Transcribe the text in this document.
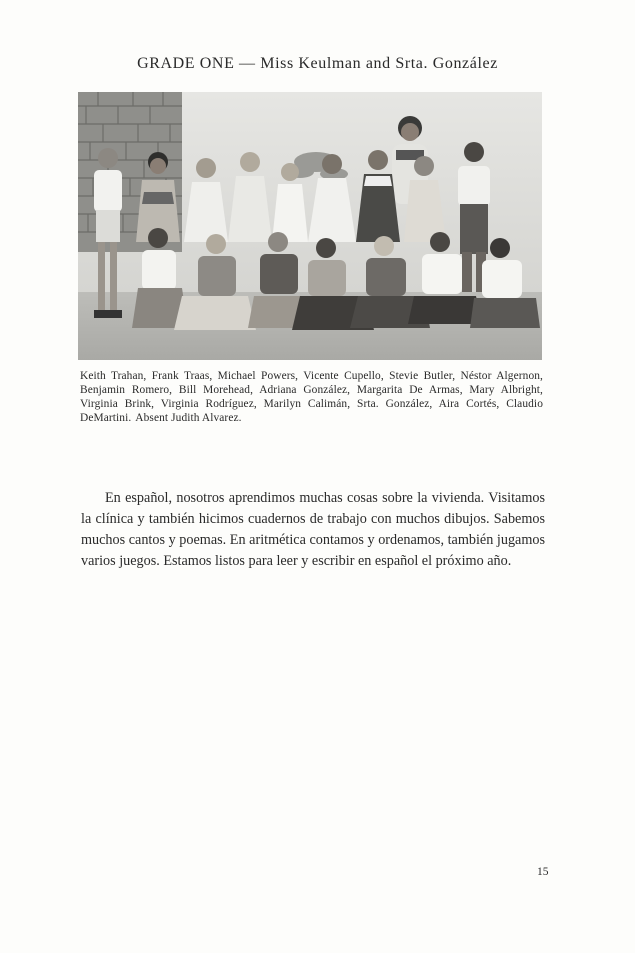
GRADE ONE — Miss Keulman and Srta. González
Keith Trahan, Frank Traas, Michael Powers, Vicente Cupello, Stevie Butler, Néstor Algernon, Benjamin Romero, Bill Morehead, Adriana González, Margarita De Armas, Mary Albright, Virginia Brink, Virginia Rodríguez, Marilyn Calimán, Srta. González, Aira Cortés, Claudio DeMartini. Absent Judith Alvarez.
En español, nosotros aprendimos muchas cosas sobre la vivienda. Visitamos la clínica y también hicimos cuadernos de trabajo con muchos dibujos. Sabemos muchos cantos y poemas. En aritmética contamos y ordenamos, también jugamos varios juegos. Estamos listos para leer y escribir en español el próximo año.
15
